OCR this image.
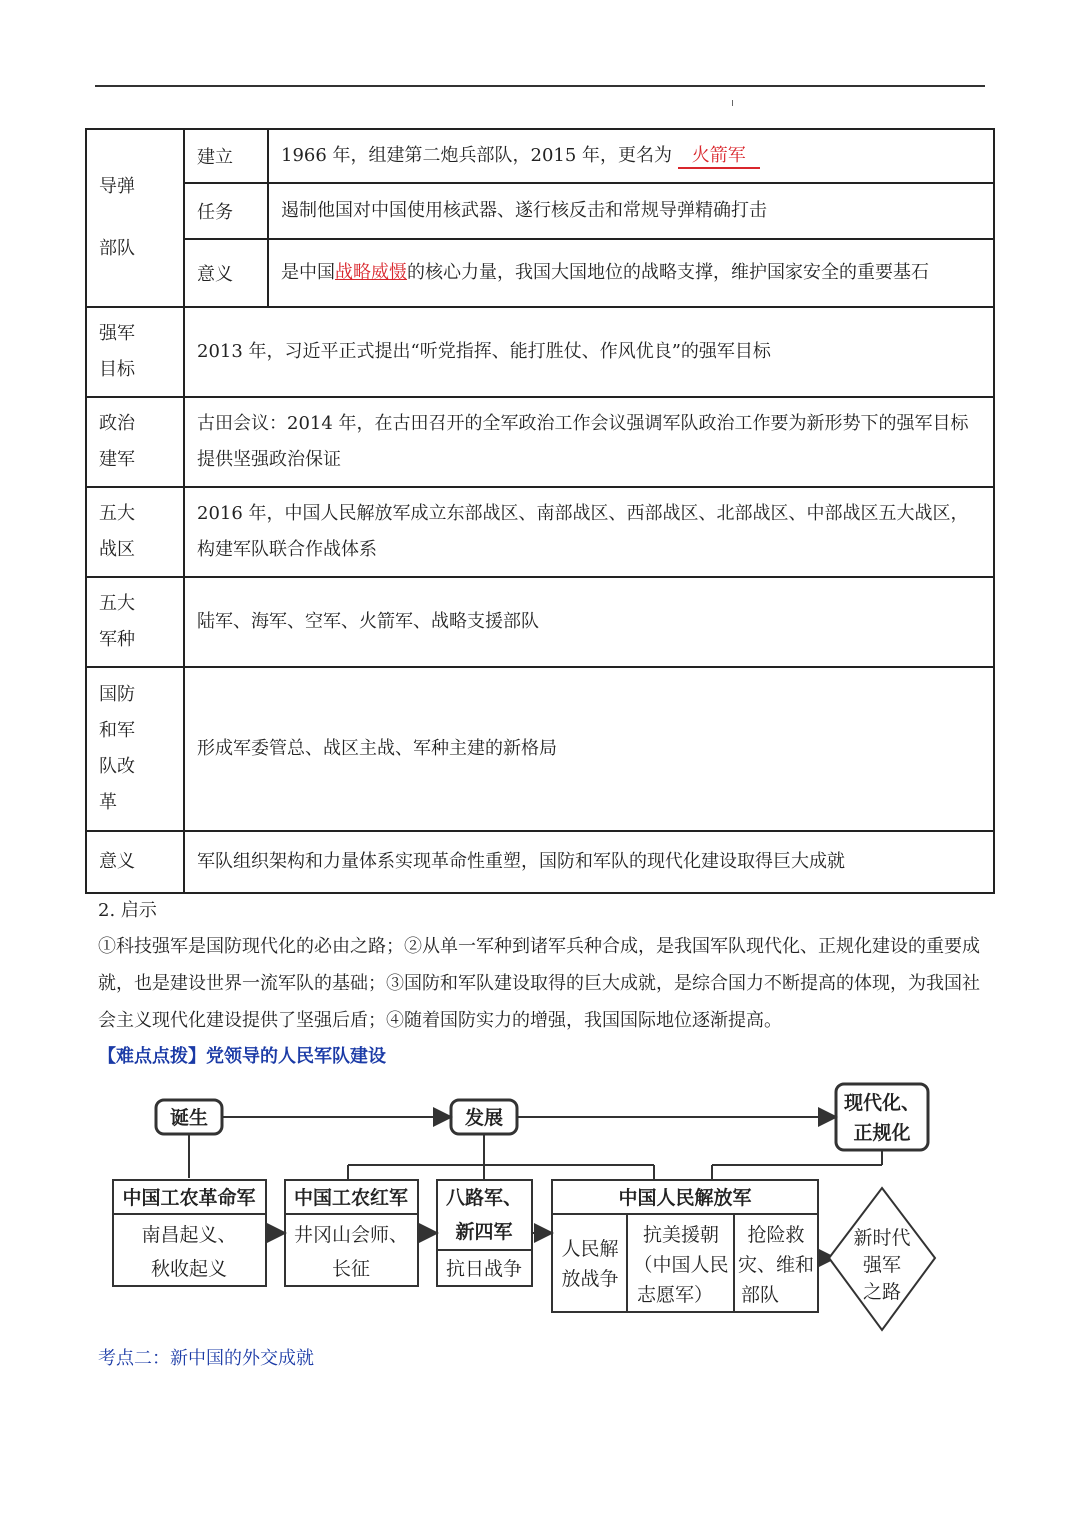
导弹
部队	建立	1966 年，组建第二炮兵部队，2015 年，更名为 火箭军
	任务	遏制他国对中国使用核武器、遂行核反击和常规导弹精确打击
	意义	是中国战略威慑的核心力量，我国大国地位的战略支撑，维护国家安全的重要基石

强军
目标	2013 年，习近平正式提出“听党指挥、能打胜仗、作风优良”的强军目标	

政治
建军	古田会议：2014 年，在古田召开的全军政治工作会议强调军队政治工作要为新形势下的强军目标提供坚强政治保证	

五大
战区	2016 年，中国人民解放军成立东部战区、南部战区、西部战区、北部战区、中部战区五大战区，构建军队联合作战体系	

五大
军种	陆军、海军、空军、火箭军、战略支援部队	

国防
和军
队改
革	形成军委管总、战区主战、军种主建的新格局	

意义	军队组织架构和力量体系实现革命性重塑，国防和军队的现代化建设取得巨大成就	
2. 启示
①科技强军是国防现代化的必由之路；②从单一军种到诸军兵种合成，是我国军队现代化、正规化建设的重要成就，也是建设世界一流军队的基础；③国防和军队建设取得的巨大成就，是综合国力不断提高的体现，为我国社会主义现代化建设提供了坚强后盾；④随着国防实力的增强，我国国际地位逐渐提高。
【难点点拨】党领导的人民军队建设
诞生	发展
现代化、
正规化
中国工农革命军
南昌起义、
秋收起义
中国工农红军
井冈山会师、
长征
八路军、
新四军
抗日战争
中国人民解放军
人民解
放战争
抗美援朝
（中国人民
志愿军）
抢险救
灾、维和
部队
新时代
强军
之路
考点二：新中国的外交成就
